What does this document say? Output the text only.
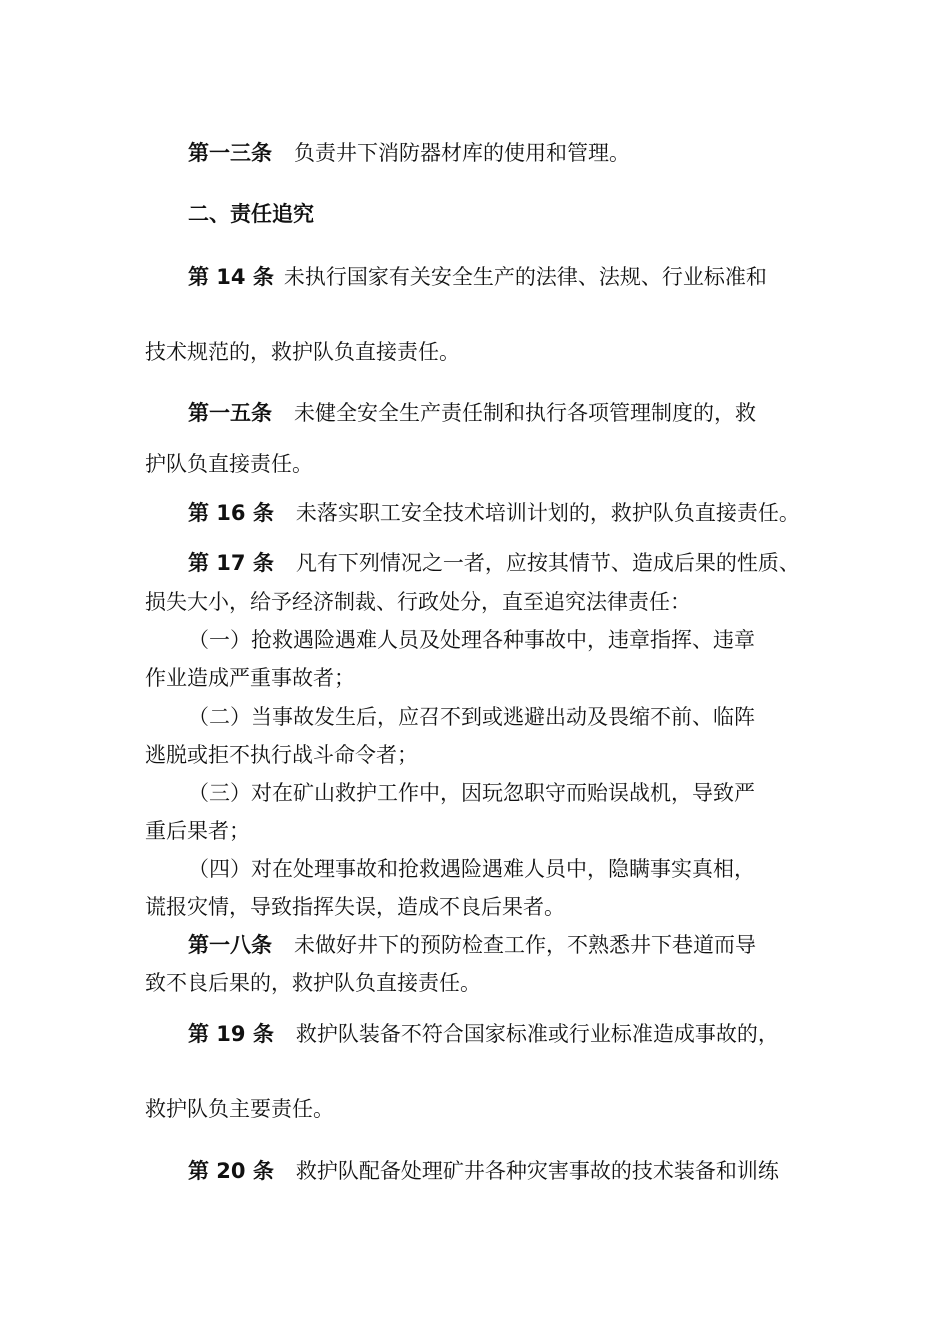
第一三条 负责井下消防器材库的使用和管理。
二、责任追究
第 14 条 未执行国家有关安全生产的法律、法规、行业标准和
技术规范的，救护队负直接责任。
第一五条 未健全安全生产责任制和执行各项管理制度的，救
护队负直接责任。
第 16 条 未落实职工安全技术培训计划的，救护队负直接责任。
第 17 条 凡有下列情况之一者，应按其情节、造成后果的性质、
损失大小，给予经济制裁、行政处分，直至追究法律责任：
（一）抢救遇险遇难人员及处理各种事故中，违章指挥、违章
作业造成严重事故者；
（二）当事故发生后，应召不到或逃避出动及畏缩不前、临阵
逃脱或拒不执行战斗命令者；
（三）对在矿山救护工作中，因玩忽职守而贻误战机，导致严
重后果者；
（四）对在处理事故和抢救遇险遇难人员中，隐瞒事实真相，
谎报灾情，导致指挥失误，造成不良后果者。
第一八条 未做好井下的预防检查工作，不熟悉井下巷道而导
致不良后果的，救护队负直接责任。
第 19 条 救护队装备不符合国家标准或行业标准造成事故的，
救护队负主要责任。
第 20 条 救护队配备处理矿井各种灾害事故的技术装备和训练
